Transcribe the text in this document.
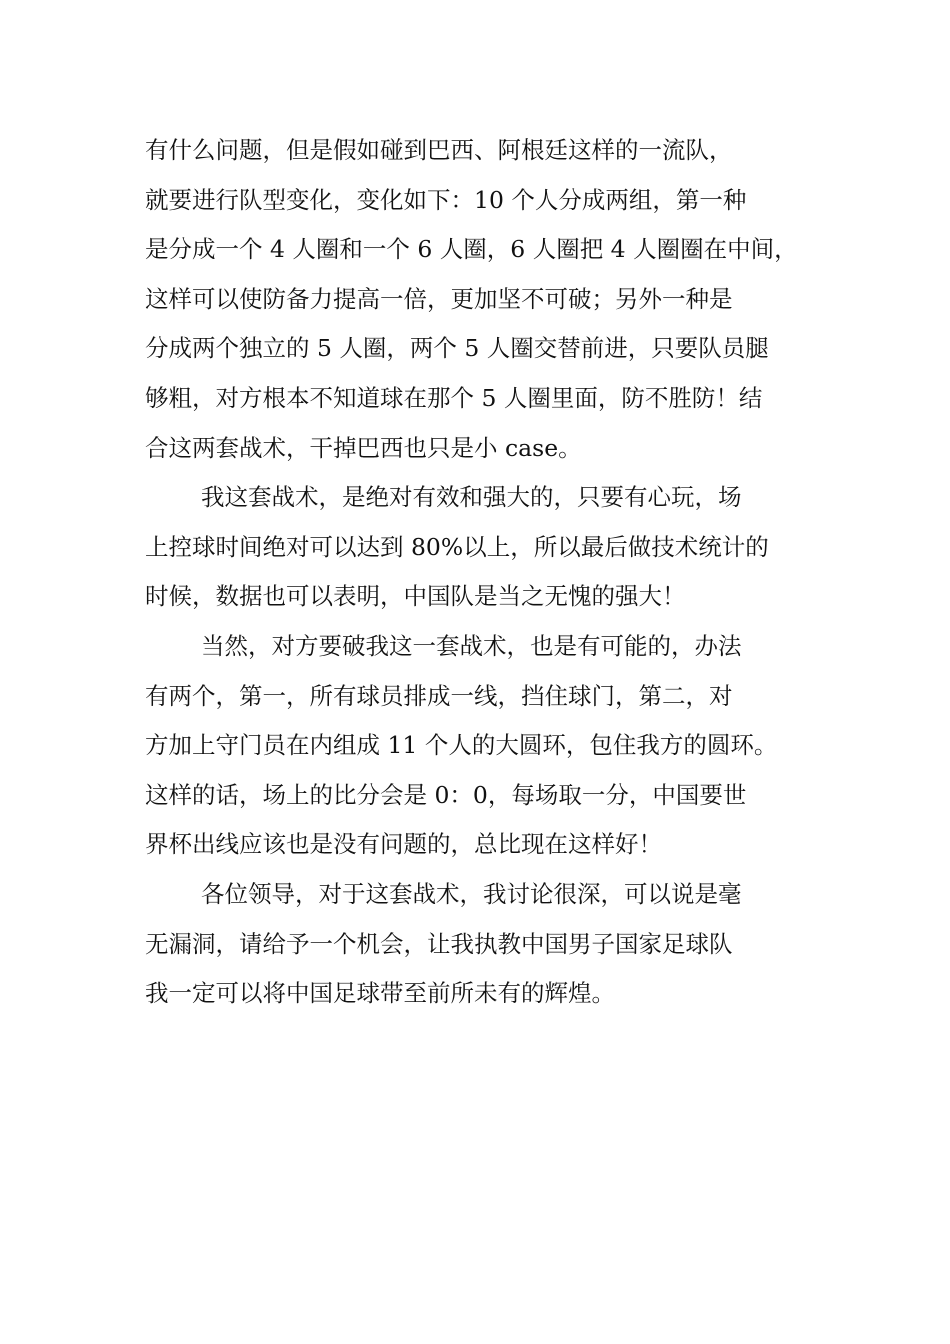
有什么问题，但是假如碰到巴西、阿根廷这样的一流队，
就要进行队型变化，变化如下：10 个人分成两组，第一种
是分成一个 4 人圈和一个 6 人圈，6 人圈把 4 人圈圈在中间，
这样可以使防备力提高一倍，更加坚不可破；另外一种是
分成两个独立的 5 人圈，两个 5 人圈交替前进，只要队员腿
够粗，对方根本不知道球在那个 5 人圈里面，防不胜防！结
合这两套战术，干掉巴西也只是小 case。
我这套战术，是绝对有效和强大的，只要有心玩，场
上控球时间绝对可以达到 80%以上，所以最后做技术统计的
时候，数据也可以表明，中国队是当之无愧的强大！
当然，对方要破我这一套战术，也是有可能的，办法
有两个，第一，所有球员排成一线，挡住球门，第二，对
方加上守门员在内组成 11 个人的大圆环，包住我方的圆环。
这样的话，场上的比分会是 0：0，每场取一分，中国要世
界杯出线应该也是没有问题的，总比现在这样好！
各位领导，对于这套战术，我讨论很深，可以说是毫
无漏洞，请给予一个机会，让我执教中国男子国家足球队
我一定可以将中国足球带至前所未有的辉煌。
